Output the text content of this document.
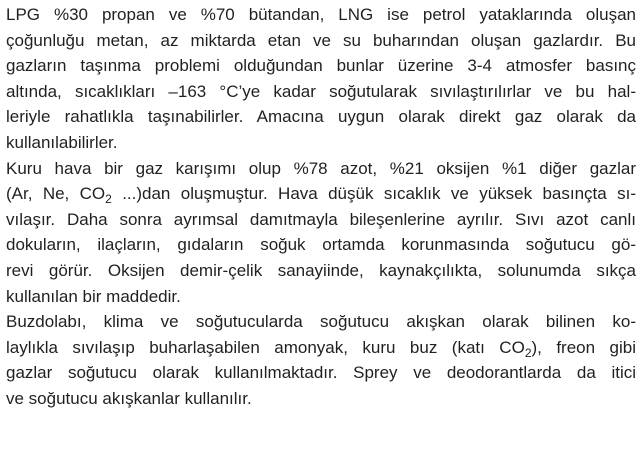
LPG %30 propan ve %70 bütandan, LNG ise petrol yataklarında oluşan
çoğunluğu metan, az miktarda etan ve su buharından oluşan gazlardır. Bu
gazların taşınma problemi olduğundan bunlar üzerine 3-4 atmosfer basınç
altında, sıcaklıkları –163 °C’ye kadar soğutularak sıvılaştırılırlar ve bu hal-
leriyle rahatlıkla taşınabilirler. Amacına uygun olarak direkt gaz olarak da
kullanılabilirler.
Kuru hava bir gaz karışımı olup %78 azot, %21 oksijen %1 diğer gazlar
(Ar, Ne, $CO_2$ ...)dan oluşmuştur. Hava düşük sıcaklık ve yüksek basınçta sı-
vılaşır. Daha sonra ayrımsal damıtmayla bileşenlerine ayrılır. Sıvı azot canlı
dokuların, ilaçların, gıdaların soğuk ortamda korunmasında soğutucu gö-
revi görür. Oksijen demir-çelik sanayiinde, kaynakçılıkta, solunumda sıkça
kullanılan bir maddedir.
Buzdolabı, klima ve soğutucularda soğutucu akışkan olarak bilinen ko-
laylıkla sıvılaşıp buharlaşabilen amonyak, kuru buz (katı $CO_2$), freon gibi
gazlar soğutucu olarak kullanılmaktadır. Sprey ve deodorantlarda da itici
ve soğutucu akışkanlar kullanılır.
